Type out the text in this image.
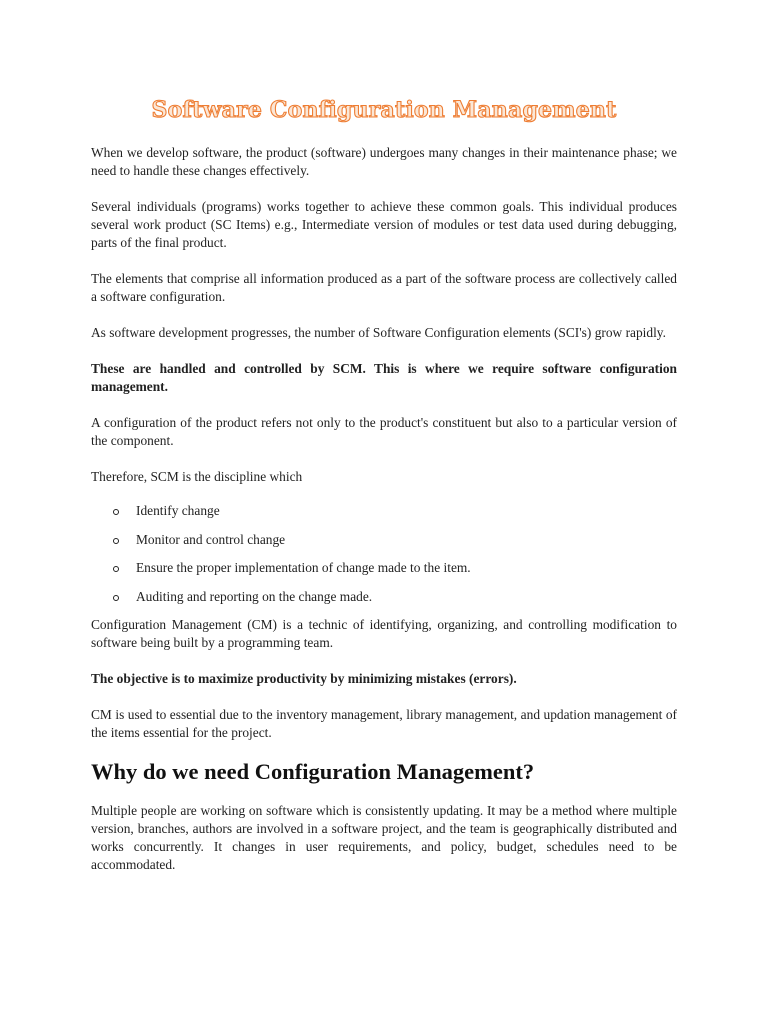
Software Configuration Management

When we develop software, the product (software) undergoes many changes in their maintenance phase; we need to handle these changes effectively.

Several individuals (programs) works together to achieve these common goals. This individual produces several work product (SC Items) e.g., Intermediate version of modules or test data used during debugging, parts of the final product.

The elements that comprise all information produced as a part of the software process are collectively called a software configuration.

As software development progresses, the number of Software Configuration elements (SCI's) grow rapidly.

These are handled and controlled by SCM. This is where we require software configuration management.

A configuration of the product refers not only to the product's constituent but also to a particular version of the component.

Therefore, SCM is the discipline which

Identify change
Monitor and control change
Ensure the proper implementation of change made to the item.
Auditing and reporting on the change made.

Configuration Management (CM) is a technic of identifying, organizing, and controlling modification to software being built by a programming team.

The objective is to maximize productivity by minimizing mistakes (errors).

CM is used to essential due to the inventory management, library management, and updation management of the items essential for the project.

Why do we need Configuration Management?

Multiple people are working on software which is consistently updating. It may be a method where multiple version, branches, authors are involved in a software project, and the team is geographically distributed and works concurrently. It changes in user requirements, and policy, budget, schedules need to be accommodated.
